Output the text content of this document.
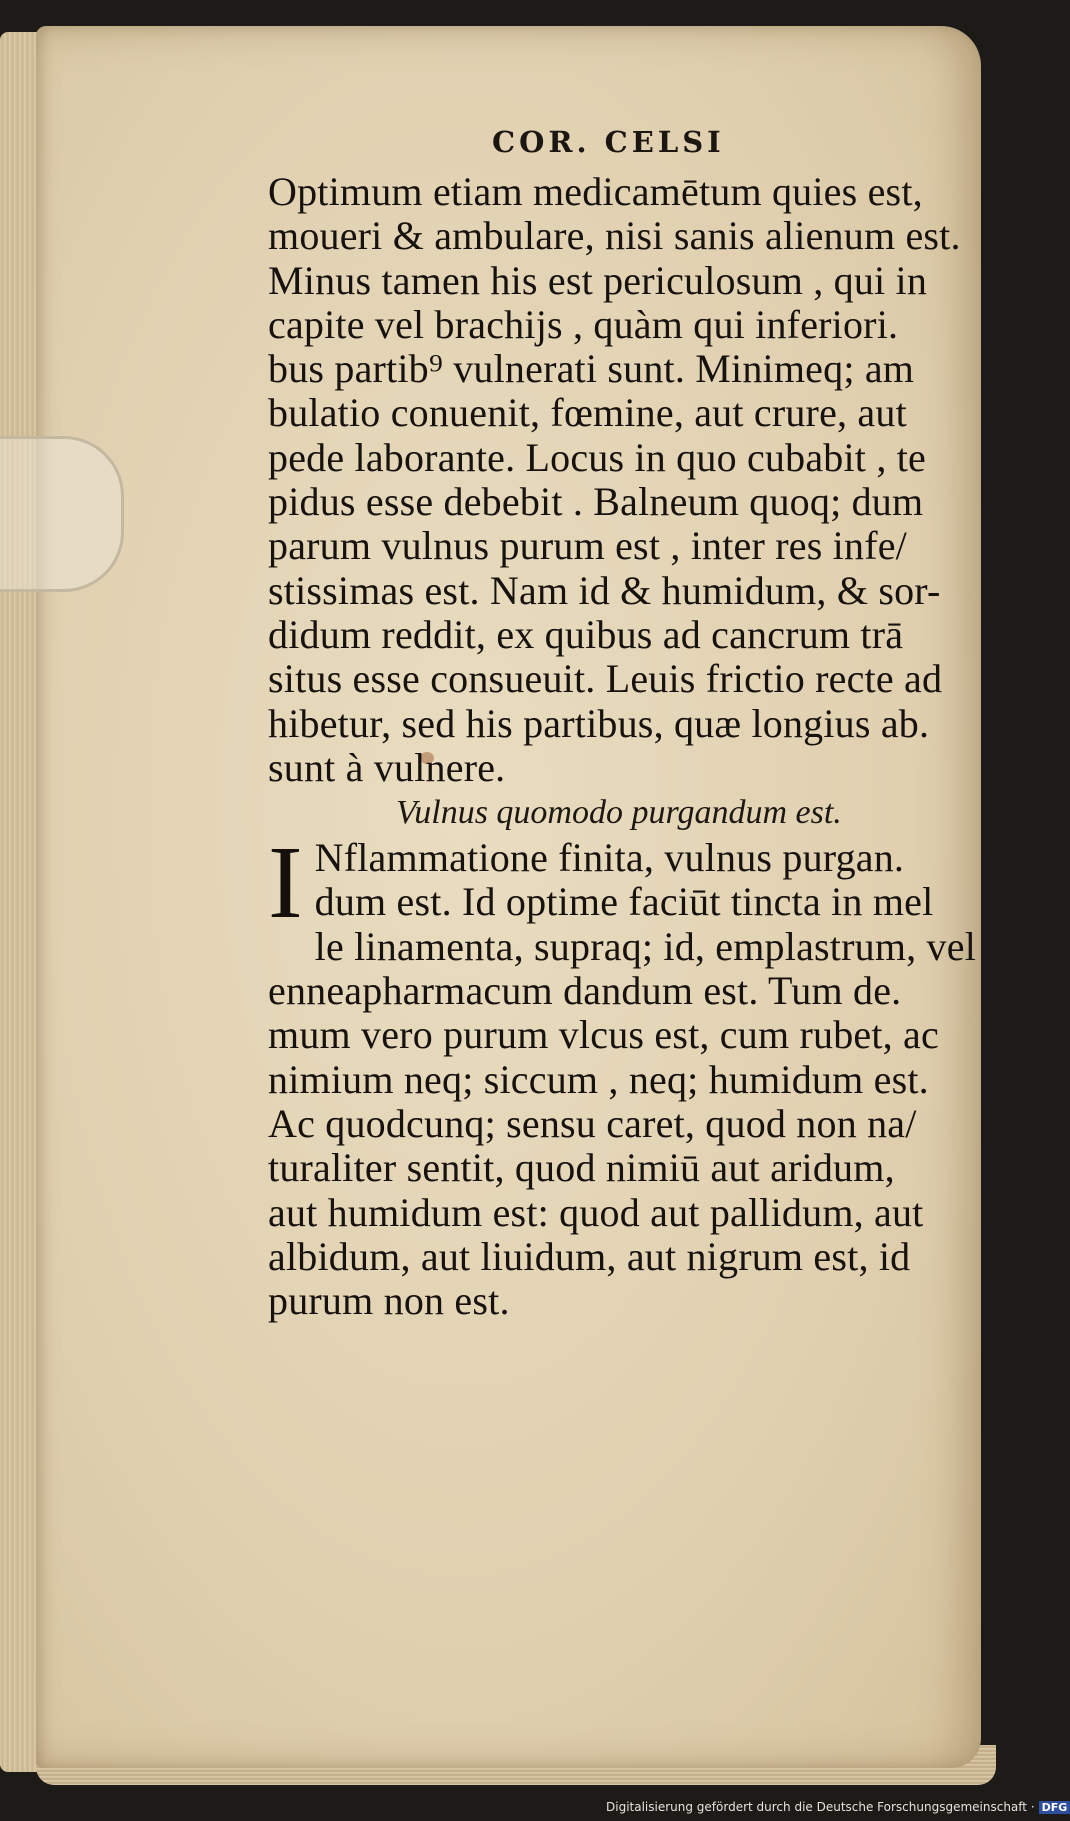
COR. CELSI
Optimum etiam medicamētum quies est,
moueri & ambulare, nisi sanis alienum est.
Minus tamen his est periculosum , qui in
capite vel brachijs , quàm qui inferiori.
bus partib⁹ vulnerati sunt. Minimeq; am
bulatio conuenit, fœmine, aut crure, aut
pede laborante. Locus in quo cubabit , te
pidus esse debebit . Balneum quoq; dum
parum vulnus purum est , inter res infe/
stissimas est. Nam id & humidum, & sor-
didum reddit, ex quibus ad cancrum trā
situs esse consueuit. Leuis frictio recte ad
hibetur, sed his partibus, quæ longius ab.
sunt à vulnere.
Vulnus quomodo purgandum est.
I Nflammatione finita, vulnus purgan.
dum est. Id optime faciūt tincta in mel
le linamenta, supraq; id, emplastrum, vel
enneapharmacum dandum est. Tum de.
mum vero purum vlcus est, cum rubet, ac
nimium neq; siccum , neq; humidum est.
Ac quodcunq; sensu caret, quod non na/
turaliter sentit, quod nimiū aut aridum,
aut humidum est: quod aut pallidum, aut
albidum, aut liuidum, aut nigrum est, id
purum non est.
Digitalisierung gefördert durch die Deutsche Forschungsgemeinschaft · DFG
